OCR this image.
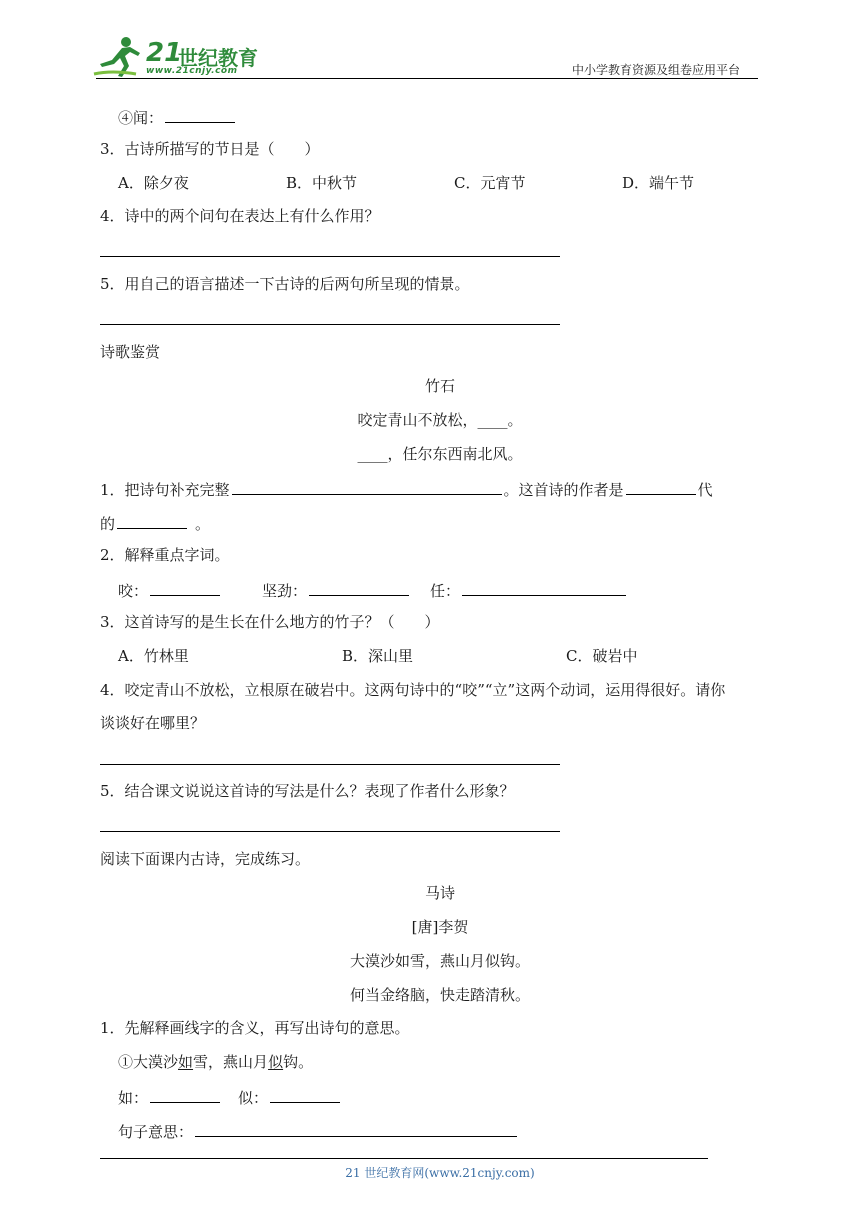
21
世纪教育
www.21cnjy.com	中小学教育资源及组卷应用平台
④闻：
3．古诗所描写的节日是（　　）
A．除夕夜	B．中秋节	C．元宵节	D．端午节
4．诗中的两个问句在表达上有什么作用？
5．用自己的语言描述一下古诗的后两句所呈现的情景。
诗歌鉴赏
竹石
咬定青山不放松，____。
____，任尔东西南北风。
1．把诗句补充完整	。这首诗的作者是	代
的	。
2．解释重点字词。
咬：	坚劲：	任：
3．这首诗写的是生长在什么地方的竹子？（　　）
A．竹林里	B．深山里	C．破岩中
4．咬定青山不放松，立根原在破岩中。这两句诗中的“咬”“立”这两个动词，运用得很好。请你
谈谈好在哪里？
5．结合课文说说这首诗的写法是什么？表现了作者什么形象？
阅读下面课内古诗，完成练习。
马诗
[唐]李贺
大漠沙如雪，燕山月似钩。
何当金络脑，快走踏清秋。
1．先解释画线字的含义，再写出诗句的意思。
①大漠沙如雪，燕山月似钩。
如：	似：
句子意思：
21 世纪教育网(www.21cnjy.com)
